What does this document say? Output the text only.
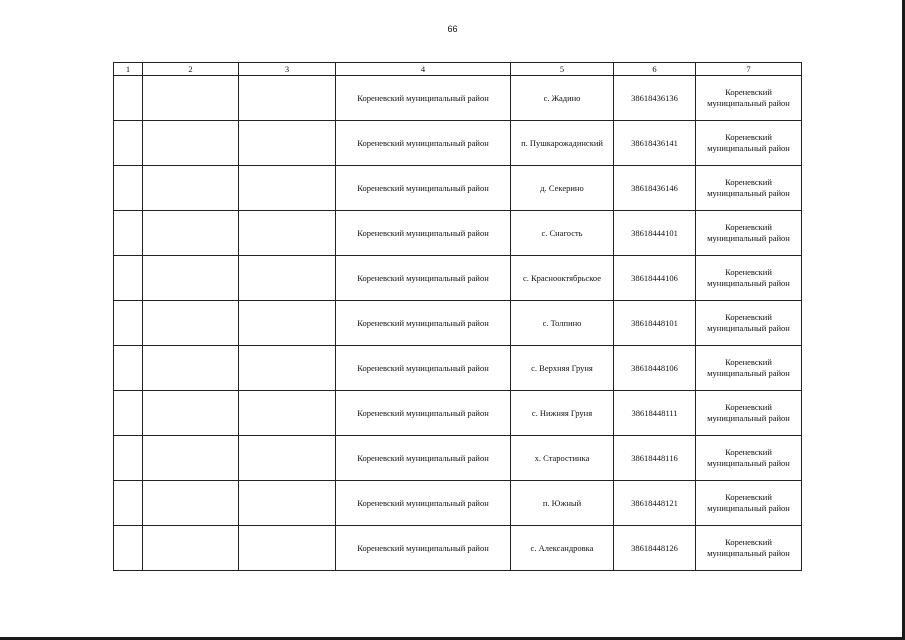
66
1	2	3	4	5	6	7
			Кореневский муниципальный район	с. Жадино	38618436136	Кореневский
муниципальный район
			Кореневский муниципальный район	п. Пушкарожадинский	38618436141	Кореневский
муниципальный район
			Кореневский муниципальный район	д. Секерино	38618436146	Кореневский
муниципальный район
			Кореневский муниципальный район	с. Снагость	38618444101	Кореневский
муниципальный район
			Кореневский муниципальный район	с. Краснооктябрьское	38618444106	Кореневский
муниципальный район
			Кореневский муниципальный район	с. Толпино	38618448101	Кореневский
муниципальный район
			Кореневский муниципальный район	с. Верхняя Груня	38618448106	Кореневский
муниципальный район
			Кореневский муниципальный район	с. Нижняя Груня	38618448111	Кореневский
муниципальный район
			Кореневский муниципальный район	х. Старостинка	38618448116	Кореневский
муниципальный район
			Кореневский муниципальный район	п. Южный	38618448121	Кореневский
муниципальный район
			Кореневский муниципальный район	с. Александровка	38618448126	Кореневский
муниципальный район
